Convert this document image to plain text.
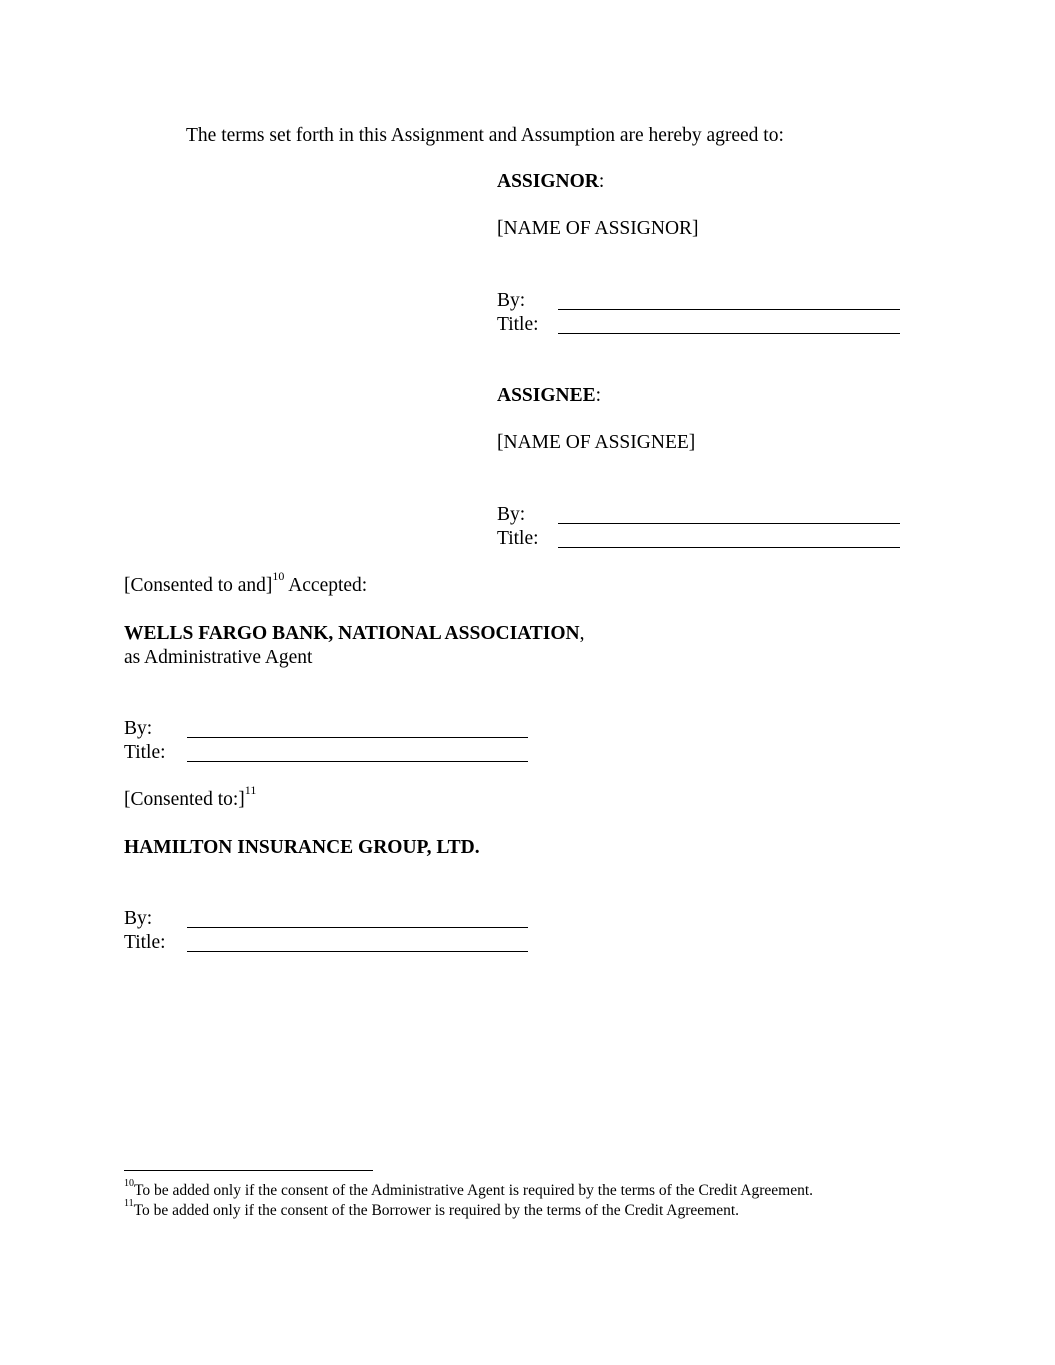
The terms set forth in this Assignment and Assumption are hereby agreed to:
ASSIGNOR:
[NAME OF ASSIGNOR]
By:
Title:
ASSIGNEE:
[NAME OF ASSIGNEE]
By:
Title:
[Consented to and]$^{10}$ Accepted:
WELLS FARGO BANK, NATIONAL ASSOCIATION,
as Administrative Agent
By:
Title:
[Consented to:]$^{11}$
HAMILTON INSURANCE GROUP, LTD.
By:
Title:
$^{10}$To be added only if the consent of the Administrative Agent is required by the terms of the Credit Agreement.
$^{11}$To be added only if the consent of the Borrower is required by the terms of the Credit Agreement.
